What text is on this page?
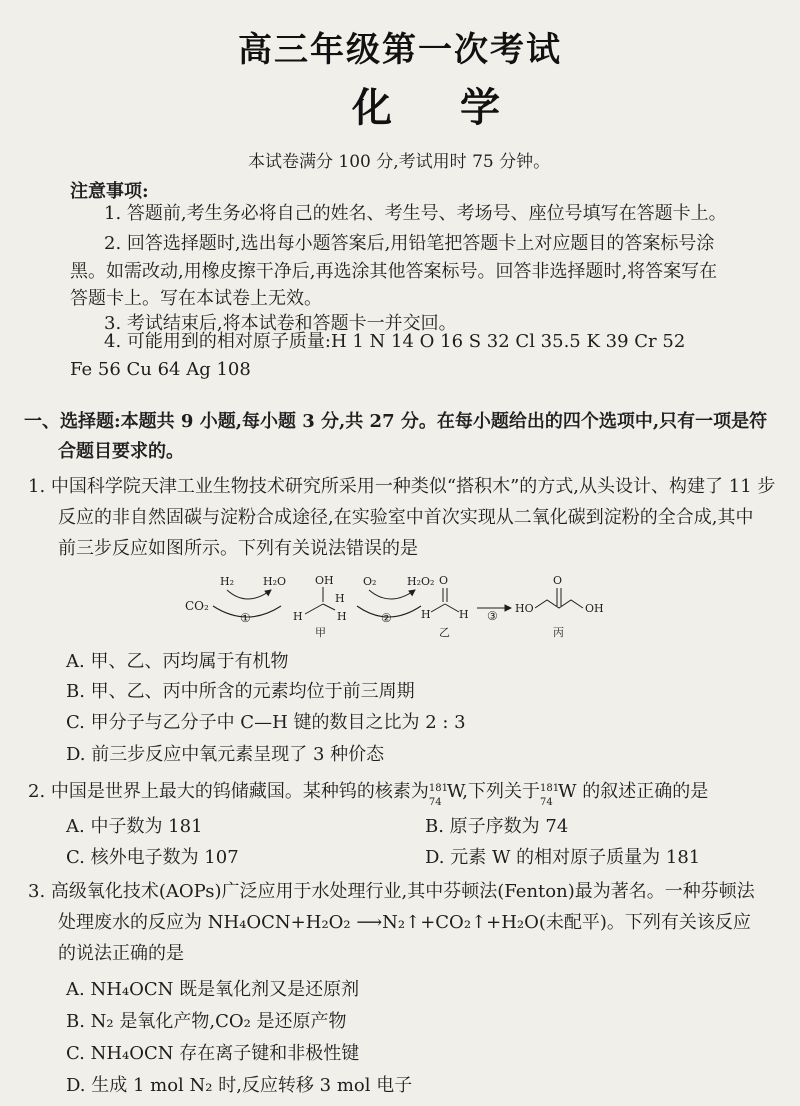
高三年级第一次考试
化学
本试卷满分 100 分,考试用时 75 分钟。
注意事项:
1. 答题前,考生务必将自己的姓名、考生号、考场号、座位号填写在答题卡上。
2. 回答选择题时,选出每小题答案后,用铅笔把答题卡上对应题目的答案标号涂
黑。如需改动,用橡皮擦干净后,再选涂其他答案标号。回答非选择题时,将答案写在
答题卡上。写在本试卷上无效。
3. 考试结束后,将本试卷和答题卡一并交回。
4. 可能用到的相对原子质量:H 1 N 14 O 16 S 32 Cl 35.5 K 39 Cr 52
Fe 56 Cu 64 Ag 108
一、选择题:本题共 9 小题,每小题 3 分,共 27 分。在每小题给出的四个选项中,只有一项是符
合题目要求的。
1. 中国科学院天津工业生物技术研究所采用一种类似“搭积木”的方式,从头设计、构建了 11 步
反应的非自然固碳与淀粉合成途径,在实验室中首次实现从二氧化碳到淀粉的全合成,其中
前三步反应如图所示。下列有关说法错误的是
CO₂
H₂	H₂O
①
OH
H
H	H
甲
O₂	H₂O₂
②
O
H	H
乙
③
HO
O
OH
丙
A. 甲、乙、丙均属于有机物
B. 甲、乙、丙中所含的元素均位于前三周期
C. 甲分子与乙分子中 C—H 键的数目之比为 2 : 3
D. 前三步反应中氧元素呈现了 3 种价态
2. 中国是世界上最大的钨储藏国。某种钨的核素为 181
74
W,下列关于 181
74
W 的叙述正确的是
A. 中子数为 181	B. 原子序数为 74
C. 核外电子数为 107	D. 元素 W 的相对原子质量为 181
3. 高级氧化技术(AOPs)广泛应用于水处理行业,其中芬顿法(Fenton)最为著名。一种芬顿法
处理废水的反应为 NH₄OCN+H₂O₂ ⟶N₂↑+CO₂↑+H₂O(未配平)。下列有关该反应
的说法正确的是
A. NH₄OCN 既是氧化剂又是还原剂
B. N₂ 是氧化产物,CO₂ 是还原产物
C. NH₄OCN 存在离子键和非极性键
D. 生成 1 mol N₂ 时,反应转移 3 mol 电子
